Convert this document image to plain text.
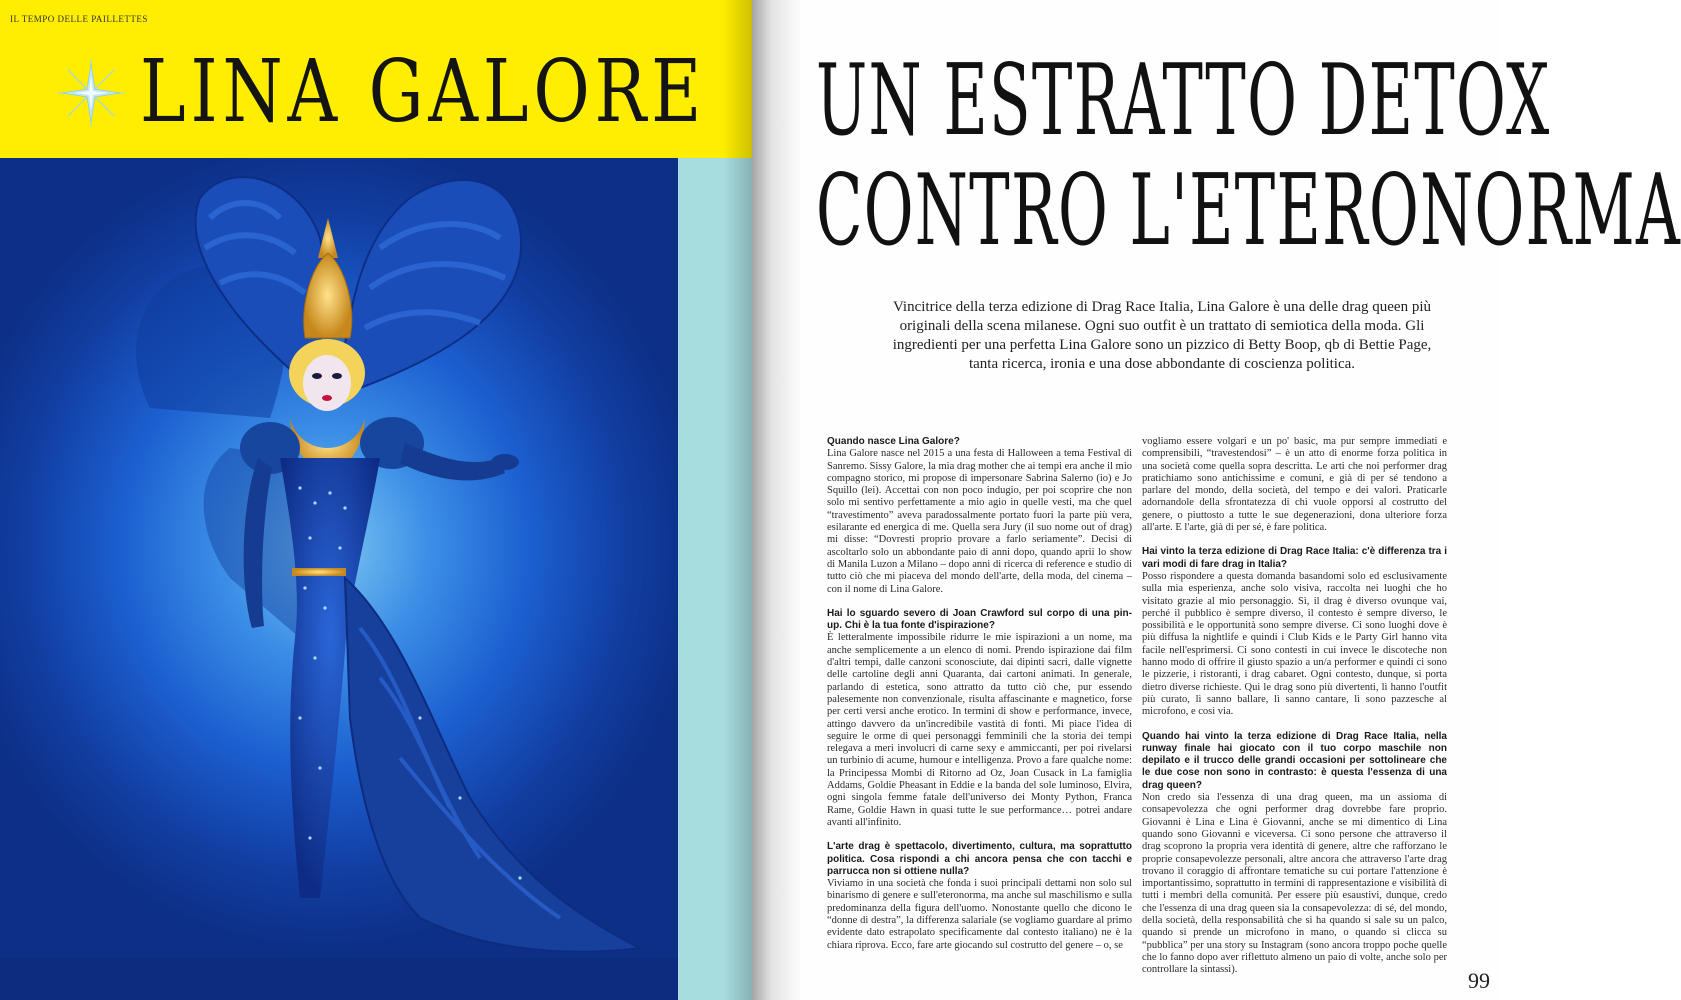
IL TEMPO DELLE PAILLETTES
LINA GALORE UN ESTRATTO DETOX
CONTRO L'ETERONORMA

Vincitrice della terza edizione di Drag Race Italia, Lina Galore è una delle drag queen più originali della scena milanese. Ogni suo outfit è un trattato di semiotica della moda. Gli ingredienti per una perfetta Lina Galore sono un pizzico di Betty Boop, qb di Bettie Page, tanta ricerca, ironia e una dose abbondante di coscienza politica.

Quando nasce Lina Galore?
Lina Galore nasce nel 2015 a una festa di Halloween a tema Festival di Sanremo. Sissy Galore, la mia drag mother che ai tempi era anche il mio compagno storico, mi propose di impersonare Sabrina Salerno (io) e Jo Squillo (lei). Accettai con non poco indugio, per poi scoprire che non solo mi sentivo perfettamente a mio agio in quelle vesti, ma che quel “travestimento” aveva paradossalmente portato fuori la parte più vera, esilarante ed energica di me. Quella sera Jury (il suo nome out of drag) mi disse: “Dovresti proprio provare a farlo seriamente”. Decisi di ascoltarlo solo un abbondante paio di anni dopo, quando aprii lo show di Manila Luzon a Milano – dopo anni di ricerca di reference e studio di tutto ciò che mi piaceva del mondo dell'arte, della moda, del cinema – con il nome di Lina Galore.

Hai lo sguardo severo di Joan Crawford sul corpo di una pin-up. Chi è la tua fonte d'ispirazione?
È letteralmente impossibile ridurre le mie ispirazioni a un nome, ma anche semplicemente a un elenco di nomi. Prendo ispirazione dai film d'altri tempi, dalle canzoni sconosciute, dai dipinti sacri, dalle vignette delle cartoline degli anni Quaranta, dai cartoni animati. In generale, parlando di estetica, sono attratto da tutto ciò che, pur essendo palesemente non convenzionale, risulta affascinante e magnetico, forse per certi versi anche erotico. In termini di show e performance, invece, attingo davvero da un'incredibile vastità di fonti. Mi piace l'idea di seguire le orme di quei personaggi femminili che la storia dei tempi relegava a meri involucri di carne sexy e ammiccanti, per poi rivelarsi un turbinio di acume, humour e intelligenza. Provo a fare qualche nome: la Principessa Mombi di Ritorno ad Oz, Joan Cusack in La famiglia Addams, Goldie Pheasant in Eddie e la banda del sole luminoso, Elvira, ogni singola femme fatale dell'universo dei Monty Python, Franca Rame, Goldie Hawn in quasi tutte le sue performance… potrei andare avanti all'infinito.

L'arte drag è spettacolo, divertimento, cultura, ma soprattutto politica. Cosa rispondi a chi ancora pensa che con tacchi e parrucca non si ottiene nulla?
Viviamo in una società che fonda i suoi principali dettami non solo sul binarismo di genere e sull'eteronorma, ma anche sul maschilismo e sulla predominanza della figura dell'uomo. Nonostante quello che dicono le “donne di destra”, la differenza salariale (se vogliamo guardare al primo evidente dato estrapolato specificamente dal contesto italiano) ne è la chiara riprova. Ecco, fare arte giocando sul costrutto del genere – o, se

vogliamo essere volgari e un po' basic, ma pur sempre immediati e comprensibili, “travestendosi” – è un atto di enorme forza politica in una società come quella sopra descritta. Le arti che noi performer drag pratichiamo sono antichissime e comuni, e già di per sé tendono a parlare del mondo, della società, del tempo e dei valori. Praticarle adornandole della sfrontatezza di chi vuole opporsi al costrutto del genere, o piuttosto a tutte le sue degenerazioni, dona ulteriore forza all'arte. E l'arte, già di per sé, è fare politica.

Hai vinto la terza edizione di Drag Race Italia: c'è differenza tra i vari modi di fare drag in Italia?
Posso rispondere a questa domanda basandomi solo ed esclusivamente sulla mia esperienza, anche solo visiva, raccolta nei luoghi che ho visitato grazie al mio personaggio. Sì, il drag è diverso ovunque vai, perché il pubblico è sempre diverso, il contesto è sempre diverso, le possibilità e le opportunità sono sempre diverse. Ci sono luoghi dove è più diffusa la nightlife e quindi i Club Kids e le Party Girl hanno vita facile nell'esprimersi. Ci sono contesti in cui invece le discoteche non hanno modo di offrire il giusto spazio a un/a performer e quindi ci sono le pizzerie, i ristoranti, i drag cabaret. Ogni contesto, dunque, si porta dietro diverse richieste. Qui le drag sono più divertenti, lì hanno l'outfit più curato, lì sanno ballare, lì sanno cantare, lì sono pazzesche al microfono, e così via.

Quando hai vinto la terza edizione di Drag Race Italia, nella runway finale hai giocato con il tuo corpo maschile non depilato e il trucco delle grandi occasioni per sottolineare che le due cose non sono in contrasto: è questa l'essenza di una drag queen?
Non credo sia l'essenza di una drag queen, ma un assioma di consapevolezza che ogni performer drag dovrebbe fare proprio. Giovanni è Lina e Lina è Giovanni, anche se mi dimentico di Lina quando sono Giovanni e viceversa. Ci sono persone che attraverso il drag scoprono la propria vera identità di genere, altre che rafforzano le proprie consapevolezze personali, altre ancora che attraverso l'arte drag trovano il coraggio di affrontare tematiche su cui portare l'attenzione è importantissimo, soprattutto in termini di rappresentazione e visibilità di tutti i membri della comunità. Per essere più esaustivi, dunque, credo che l'essenza di una drag queen sia la consapevolezza: di sé, del mondo, della società, della responsabilità che si ha quando si sale su un palco, quando si prende un microfono in mano, o quando si clicca su “pubblica” per una story su Instagram (sono ancora troppo poche quelle che lo fanno dopo aver riflettuto almeno un paio di volte, anche solo per controllare la sintassi).	99
